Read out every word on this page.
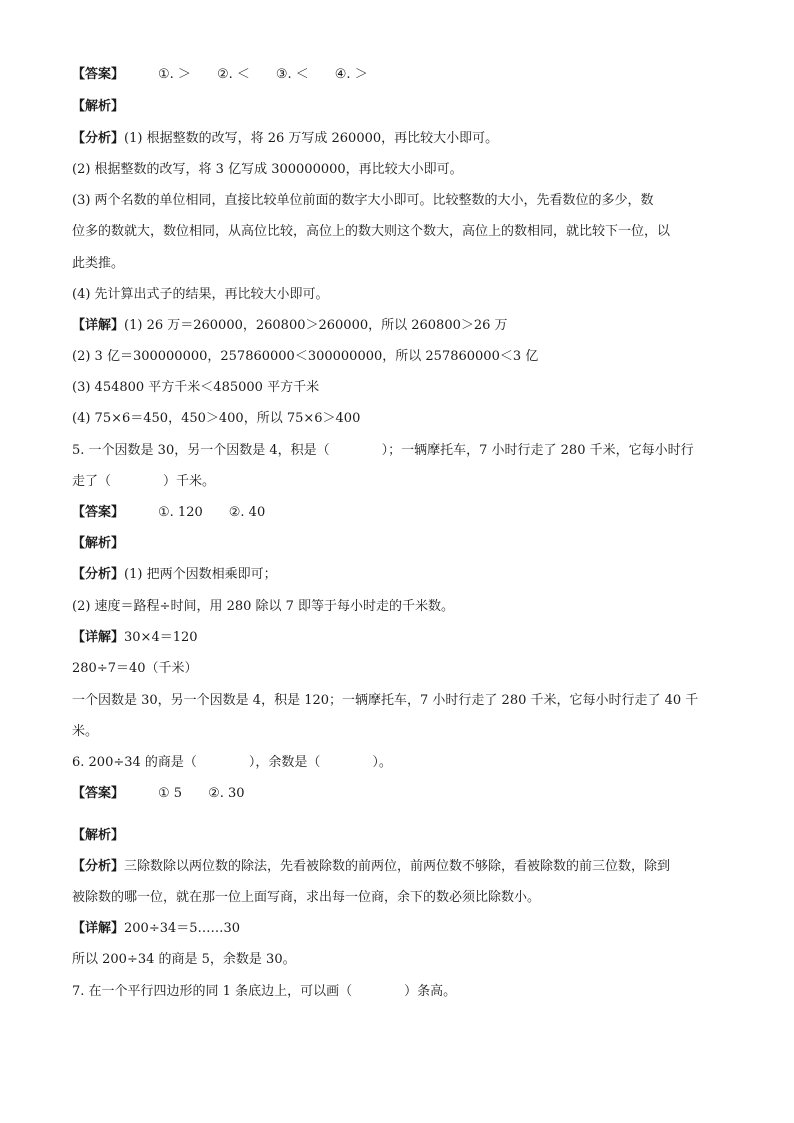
【答案】	①. ＞ ②. ＜ ③. ＜ ④. ＞
【解析】
【分析】(1) 根据整数的改写，将 26 万写成 260000，再比较大小即可。
(2) 根据整数的改写，将 3 亿写成 300000000，再比较大小即可。
(3) 两个名数的单位相同，直接比较单位前面的数字大小即可。比较整数的大小，先看数位的多少，数
位多的数就大，数位相同，从高位比较，高位上的数大则这个数大，高位上的数相同，就比较下一位，以
此类推。
(4) 先计算出式子的结果，再比较大小即可。
【详解】(1) 26 万＝260000，260800＞260000，所以 260800＞26 万
(2) 3 亿＝300000000，257860000＜300000000，所以 257860000＜3 亿
(3) 454800 平方千米＜485000 平方千米
(4) 75×6＝450，450＞400，所以 75×6＞400
5. 一个因数是 30，另一个因数是 4，积是（　　　　）；一辆摩托车，7 小时行走了 280 千米，它每小时行
走了（　　　　）千米。
【答案】	①. 120 ②. 40
【解析】
【分析】(1) 把两个因数相乘即可；
(2) 速度＝路程÷时间，用 280 除以 7 即等于每小时走的千米数。
【详解】30×4＝120
280÷7＝40（千米）
一个因数是 30，另一个因数是 4，积是 120；一辆摩托车，7 小时行走了 280 千米，它每小时行走了 40 千
米。
6. 200÷34 的商是（　　　　），余数是（　　　　）。
【答案】	① 5 ②. 30
【解析】
【分析】三除数除以两位数的除法，先看被除数的前两位，前两位数不够除，看被除数的前三位数，除到
被除数的哪一位，就在那一位上面写商，求出每一位商，余下的数必须比除数小。
【详解】200÷34＝5……30
所以 200÷34 的商是 5，余数是 30。
7. 在一个平行四边形的同 1 条底边上，可以画（　　　　）条高。
